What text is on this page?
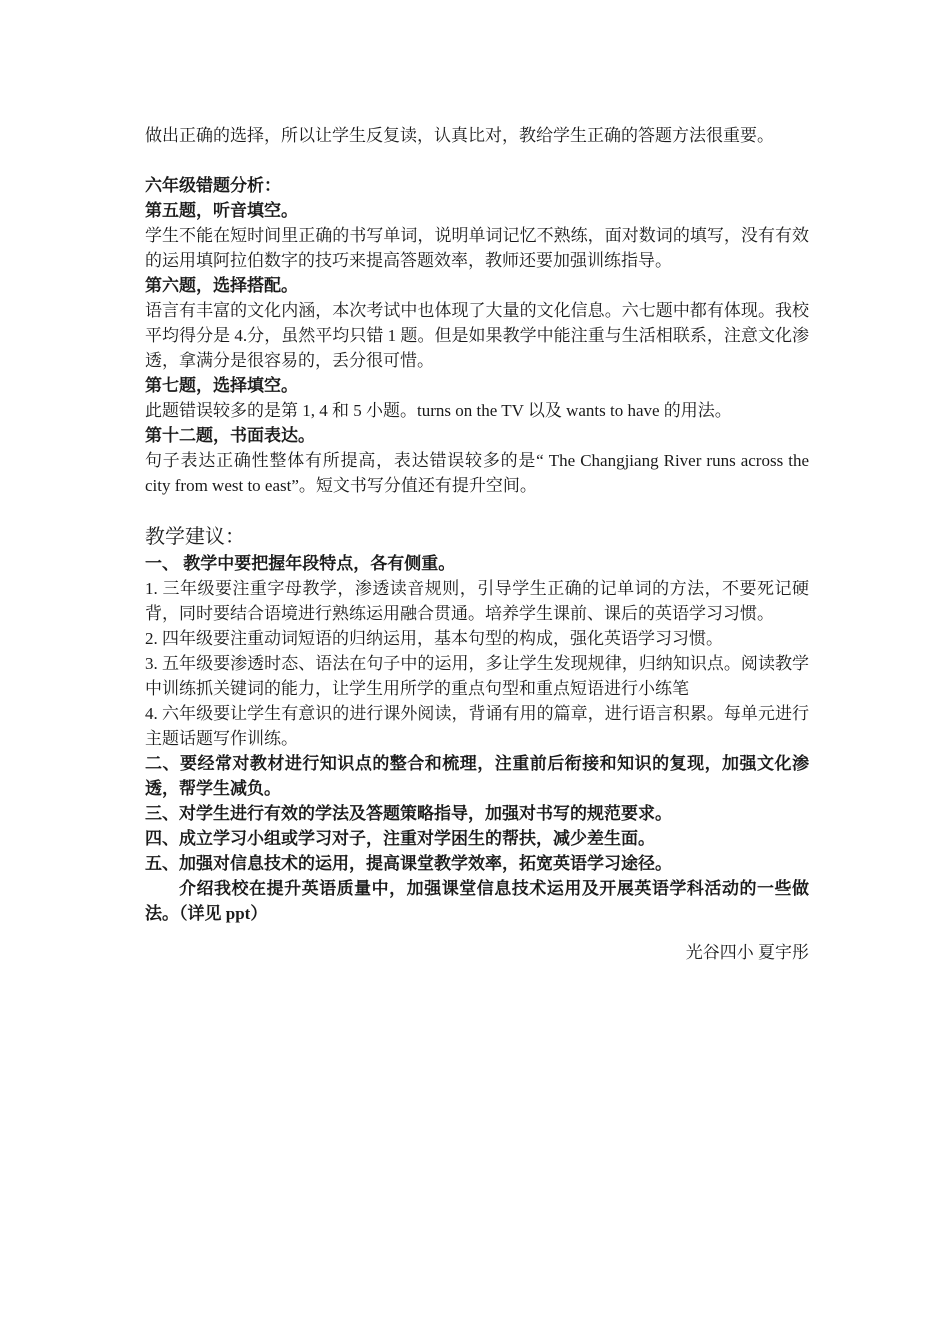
做出正确的选择，所以让学生反复读，认真比对，教给学生正确的答题方法很重要。

六年级错题分析：

第五题，听音填空。

学生不能在短时间里正确的书写单词，说明单词记忆不熟练，面对数词的填写，没有有效的运用填阿拉伯数字的技巧来提高答题效率，教师还要加强训练指导。

第六题，选择搭配。

语言有丰富的文化内涵，本次考试中也体现了大量的文化信息。六七题中都有体现。我校平均得分是 4.分，虽然平均只错 1 题。但是如果教学中能注重与生活相联系，注意文化渗透，拿满分是很容易的，丢分很可惜。

第七题，选择填空。

此题错误较多的是第 1, 4 和 5 小题。turns on the TV 以及 wants to have 的用法。

第十二题，书面表达。

句子表达正确性整体有所提高，表达错误较多的是“ The Changjiang River runs across the city from west to east”。短文书写分值还有提升空间。

教学建议：

一、 教学中要把握年段特点，各有侧重。

1. 三年级要注重字母教学，渗透读音规则，引导学生正确的记单词的方法，不要死记硬背，同时要结合语境进行熟练运用融合贯通。培养学生课前、课后的英语学习习惯。

2. 四年级要注重动词短语的归纳运用，基本句型的构成，强化英语学习习惯。

3. 五年级要渗透时态、语法在句子中的运用，多让学生发现规律，归纳知识点。阅读教学中训练抓关键词的能力，让学生用所学的重点句型和重点短语进行小练笔

4. 六年级要让学生有意识的进行课外阅读，背诵有用的篇章，进行语言积累。每单元进行主题话题写作训练。

二、要经常对教材进行知识点的整合和梳理，注重前后衔接和知识的复现，加强文化渗透，帮学生减负。

三、对学生进行有效的学法及答题策略指导，加强对书写的规范要求。

四、成立学习小组或学习对子，注重对学困生的帮扶，减少差生面。

五、加强对信息技术的运用，提高课堂教学效率，拓宽英语学习途径。

介绍我校在提升英语质量中，加强课堂信息技术运用及开展英语学科活动的一些做法。（详见 ppt）

光谷四小 夏宇彤
